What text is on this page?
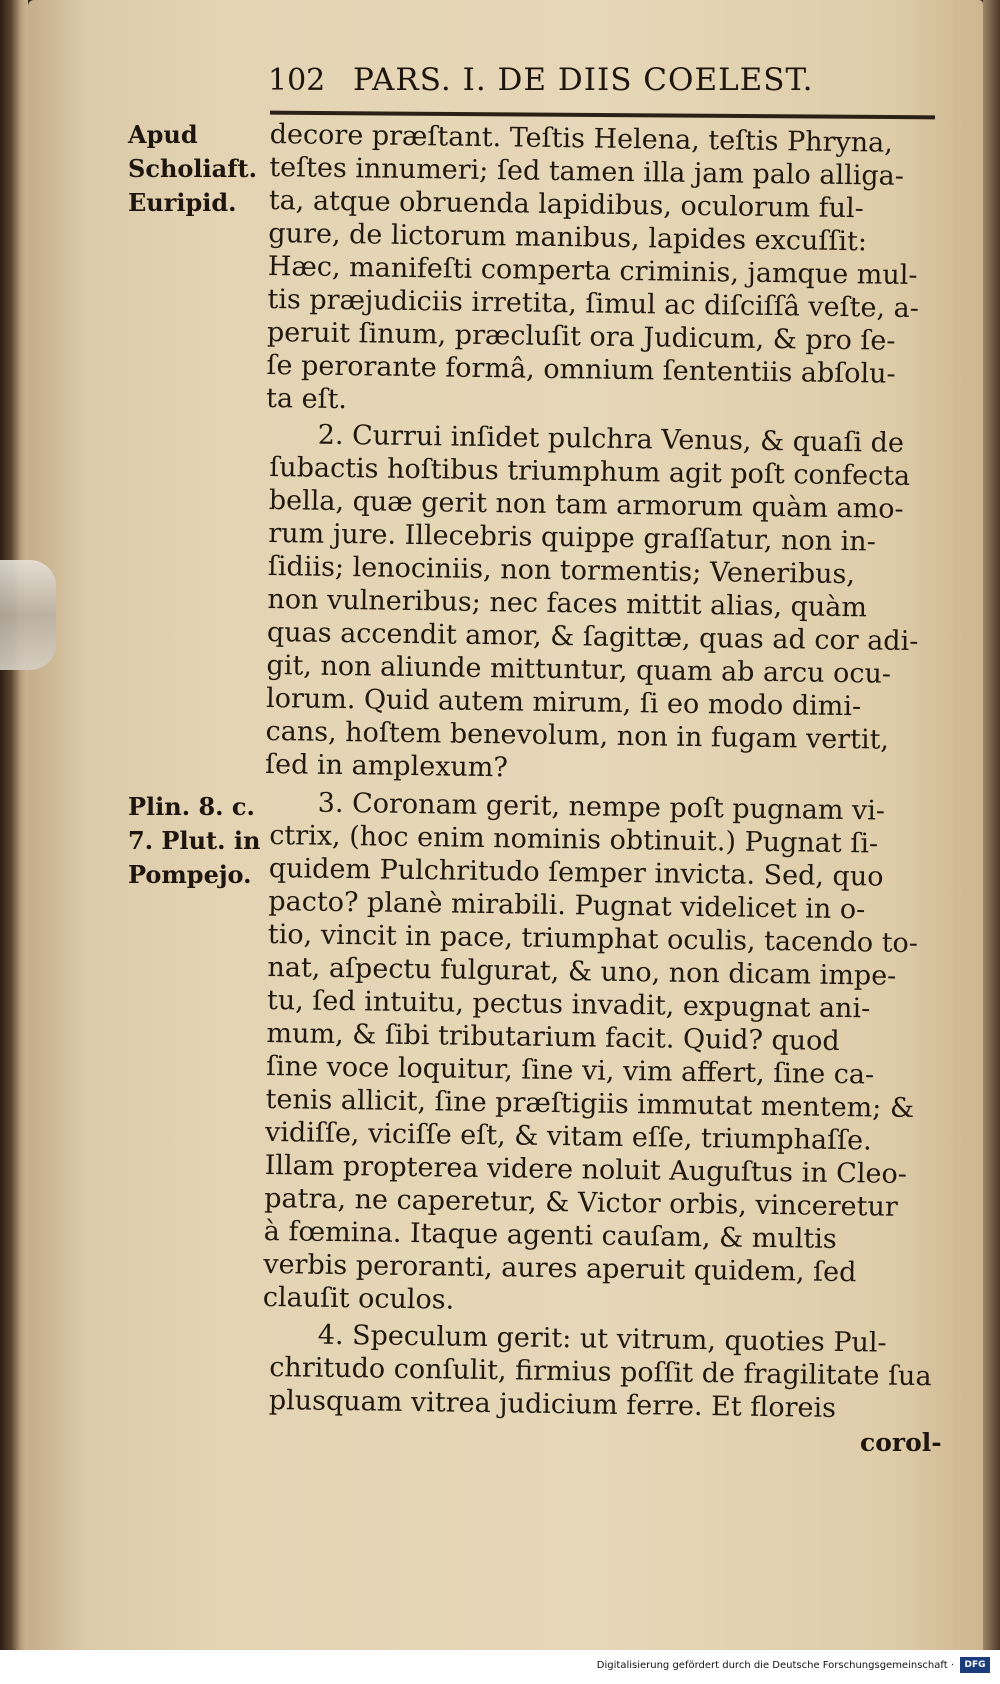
102 PARS. I. DE DIIS COELEST.
Apud
Scholiaft.
Euripid.
Plin. 8. c.
7. Plut. in
Pompejo.

decore præſtant. Teſtis Helena, teſtis Phryna,

teſtes innumeri; ſed tamen illa jam palo alliga-

ta, atque obruenda lapidibus, oculorum ful-

gure, de lictorum manibus, lapides excuſſit:

Hæc, manifeſti comperta criminis, jamque mul-

tis præjudiciis irretita, ſimul ac diſciſſâ veſte, a-

peruit ſinum, præcluſit ora Judicum, & pro ſe-

ſe perorante formâ, omnium ſententiis abſolu-

ta eſt.

2. Currui inſidet pulchra Venus, & quaſi de

ſubactis hoſtibus triumphum agit poſt confecta

bella, quæ gerit non tam armorum quàm amo-

rum jure. Illecebris quippe graſſatur, non in-

ſidiis; lenociniis, non tormentis; Veneribus,

non vulneribus; nec faces mittit alias, quàm

quas accendit amor, & ſagittæ, quas ad cor adi-

git, non aliunde mittuntur, quam ab arcu ocu-

lorum. Quid autem mirum, ſi eo modo dimi-

cans, hoſtem benevolum, non in fugam vertit,

ſed in amplexum?

3. Coronam gerit, nempe poſt pugnam vi-

ctrix, (hoc enim nominis obtinuit.) Pugnat ſi-

quidem Pulchritudo ſemper invicta. Sed, quo

pacto? planè mirabili. Pugnat videlicet in o-

tio, vincit in pace, triumphat oculis, tacendo to-

nat, aſpectu fulgurat, & uno, non dicam impe-

tu, ſed intuitu, pectus invadit, expugnat ani-

mum, & ſibi tributarium facit. Quid? quod

ſine voce loquitur, ſine vi, vim affert, ſine ca-

tenis allicit, ſine præſtigiis immutat mentem; &

vidiſſe, viciſſe eſt, & vitam eſſe, triumphaſſe.

Illam propterea videre noluit Auguſtus in Cleo-

patra, ne caperetur, & Victor orbis, vinceretur

à fœmina. Itaque agenti cauſam, & multis

verbis peroranti, aures aperuit quidem, ſed

clauſit oculos.

4. Speculum gerit: ut vitrum, quoties Pul-

chritudo conſulit, firmius poſſit de fragilitate ſua

plusquam vitrea judicium ferre. Et floreis

corol-
Digitalisierung gefördert durch die Deutsche Forschungsgemeinschaft ·	DFG
